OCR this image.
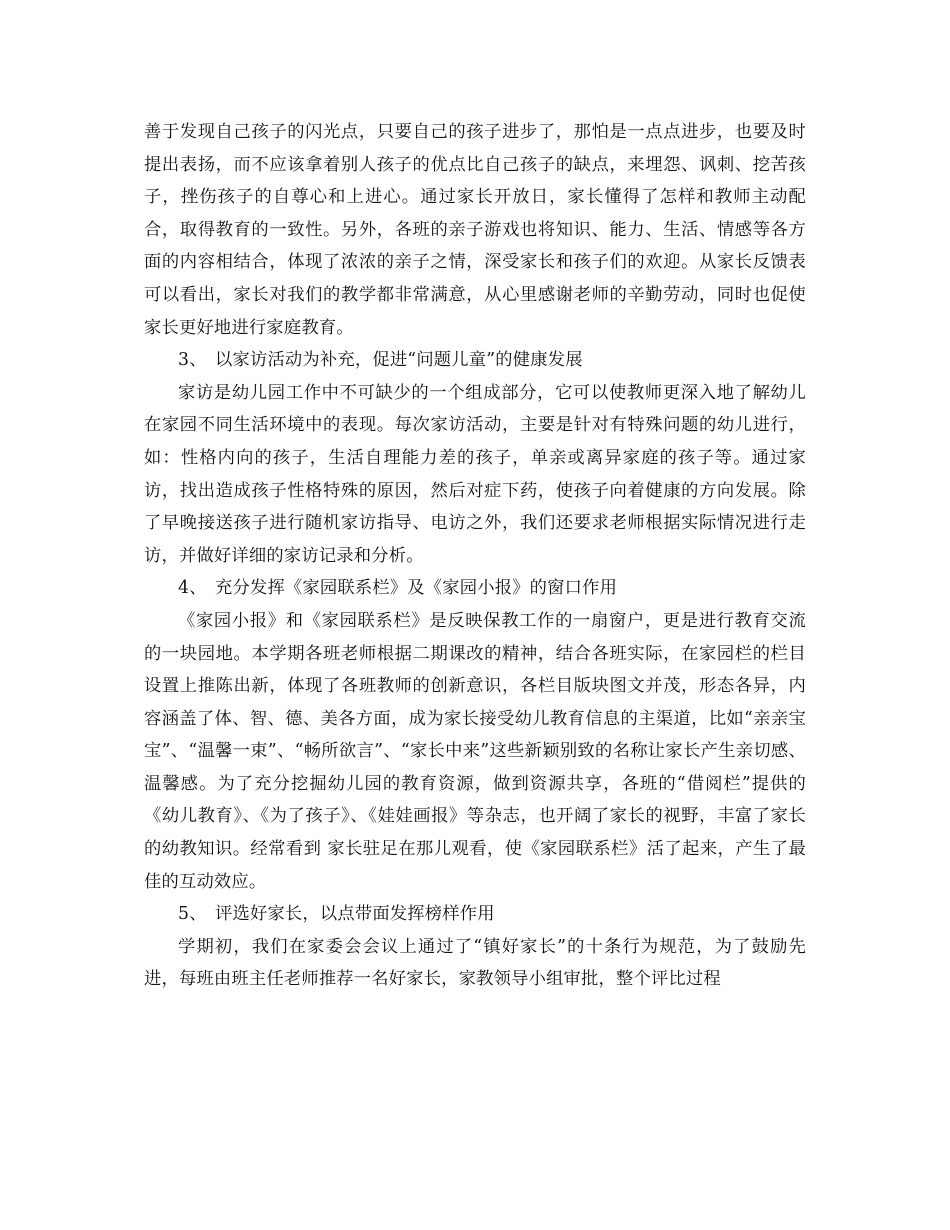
善于发现自己孩子的闪光点，只要自己的孩子进步了，那怕是一点点进步，也要及时提出表扬，而不应该拿着别人孩子的优点比自己孩子的缺点，来埋怨、讽刺、挖苦孩子，挫伤孩子的自尊心和上进心。通过家长开放日，家长懂得了怎样和教师主动配合，取得教育的一致性。另外，各班的亲子游戏也将知识、能力、生活、情感等各方面的内容相结合，体现了浓浓的亲子之情，深受家长和孩子们的欢迎。从家长反馈表可以看出，家长对我们的教学都非常满意，从心里感谢老师的辛勤劳动，同时也促使家长更好地进行家庭教育。

3、 以家访活动为补充，促进“问题儿童”的健康发展

家访是幼儿园工作中不可缺少的一个组成部分，它可以使教师更深入地了解幼儿在家园不同生活环境中的表现。每次家访活动，主要是针对有特殊问题的幼儿进行，如：性格内向的孩子，生活自理能力差的孩子，单亲或离异家庭的孩子等。通过家访，找出造成孩子性格特殊的原因，然后对症下药，使孩子向着健康的方向发展。除了早晚接送孩子进行随机家访指导、电访之外，我们还要求老师根据实际情况进行走访，并做好详细的家访记录和分析。

4、 充分发挥《家园联系栏》及《家园小报》的窗口作用

《家园小报》和《家园联系栏》是反映保教工作的一扇窗户，更是进行教育交流的一块园地。本学期各班老师根据二期课改的精神，结合各班实际，在家园栏的栏目设置上推陈出新，体现了各班教师的创新意识，各栏目版块图文并茂，形态各异，内容涵盖了体、智、德、美各方面，成为家长接受幼儿教育信息的主渠道，比如“亲亲宝宝”、“温馨一束”、“畅所欲言”、“家长中来”这些新颖别致的名称让家长产生亲切感、温馨感。为了充分挖掘幼儿园的教育资源，做到资源共享，各班的“借阅栏”提供的《幼儿教育》、《为了孩子》、《娃娃画报》等杂志，也开阔了家长的视野，丰富了家长的幼教知识。经常看到 家长驻足在那儿观看，使《家园联系栏》活了起来，产生了最佳的互动效应。

5、 评选好家长，以点带面发挥榜样作用

学期初，我们在家委会会议上通过了“镇好家长”的十条行为规范，为了鼓励先进，每班由班主任老师推荐一名好家长，家教领导小组审批，整个评比过程
